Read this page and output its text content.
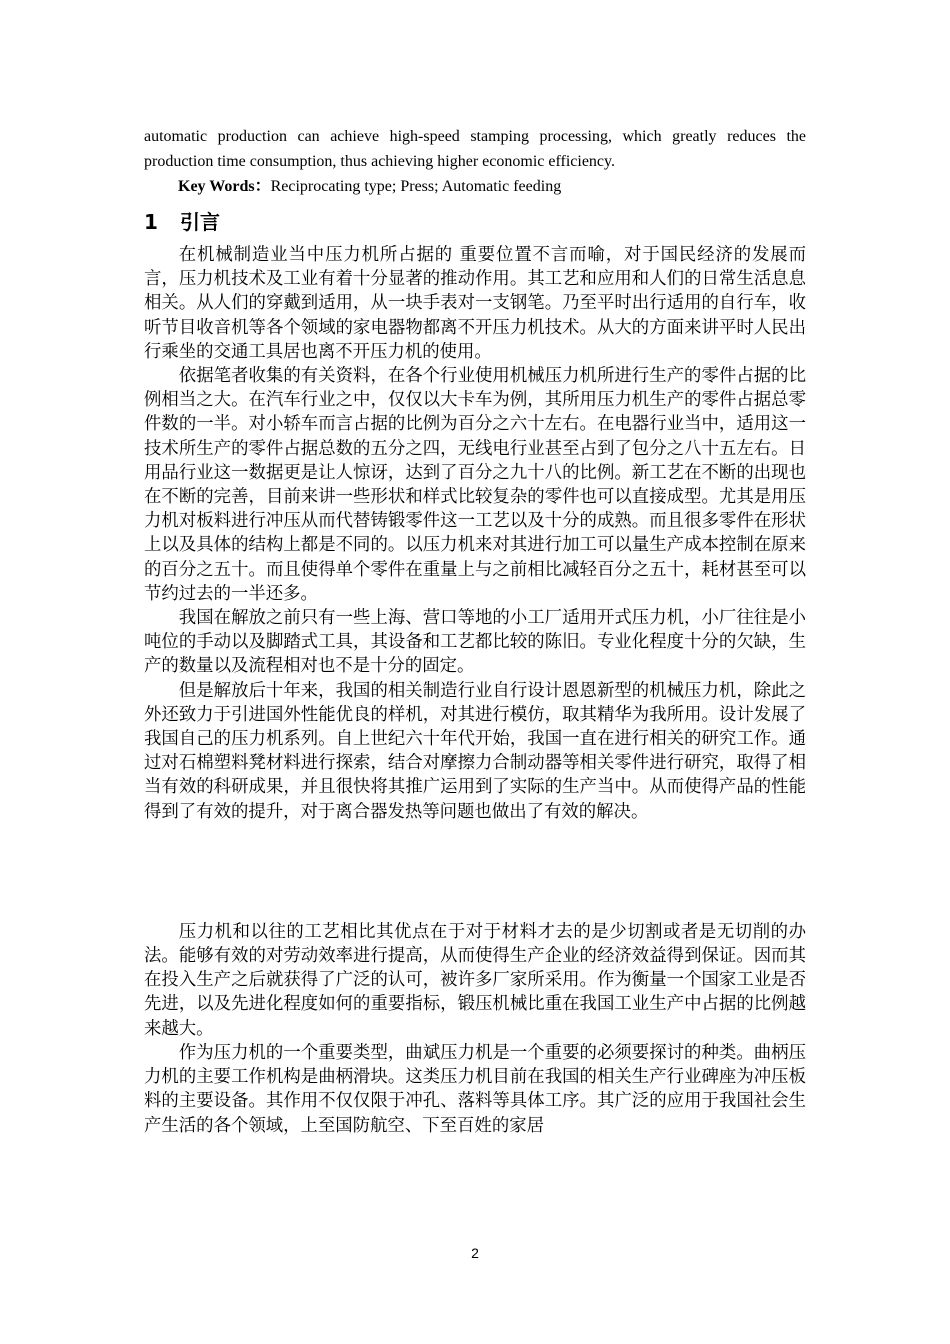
automatic production can achieve high-speed stamping processing, which greatly reduces the production time consumption, thus achieving higher economic efficiency.

Key Words：Reciprocating type; Press; Automatic feeding

1 引言

在机械制造业当中压力机所占据的 重要位置不言而喻，对于国民经济的发展而言，压力机技术及工业有着十分显著的推动作用。其工艺和应用和人们的日常生活息息相关。从人们的穿戴到适用，从一块手表对一支钢笔。乃至平时出行适用的自行车，收听节目收音机等各个领域的家电器物都离不开压力机技术。从大的方面来讲平时人民出行乘坐的交通工具居也离不开压力机的使用。

依据笔者收集的有关资料，在各个行业使用机械压力机所进行生产的零件占据的比例相当之大。在汽车行业之中，仅仅以大卡车为例，其所用压力机生产的零件占据总零件数的一半。对小轿车而言占据的比例为百分之六十左右。在电器行业当中，适用这一技术所生产的零件占据总数的五分之四，无线电行业甚至占到了包分之八十五左右。日用品行业这一数据更是让人惊讶，达到了百分之九十八的比例。新工艺在不断的出现也在不断的完善，目前来讲一些形状和样式比较复杂的零件也可以直接成型。尤其是用压力机对板料进行冲压从而代替铸锻零件这一工艺以及十分的成熟。而且很多零件在形状上以及具体的结构上都是不同的。以压力机来对其进行加工可以量生产成本控制在原来的百分之五十。而且使得单个零件在重量上与之前相比减轻百分之五十，耗材甚至可以节约过去的一半还多。

我国在解放之前只有一些上海、营口等地的小工厂适用开式压力机，小厂往往是小吨位的手动以及脚踏式工具，其设备和工艺都比较的陈旧。专业化程度十分的欠缺，生产的数量以及流程相对也不是十分的固定。

但是解放后十年来，我国的相关制造行业自行设计恩恩新型的机械压力机，除此之外还致力于引进国外性能优良的样机，对其进行模仿，取其精华为我所用。设计发展了我国自己的压力机系列。自上世纪六十年代开始，我国一直在进行相关的研究工作。通过对石棉塑料凳材料进行探索，结合对摩擦力合制动器等相关零件进行研究，取得了相当有效的科研成果，并且很快将其推广运用到了实际的生产当中。从而使得产品的性能得到了有效的提升，对于离合器发热等问题也做出了有效的解决。

压力机和以往的工艺相比其优点在于对于材料才去的是少切割或者是无切削的办法。能够有效的对劳动效率进行提高，从而使得生产企业的经济效益得到保证。因而其在投入生产之后就获得了广泛的认可，被许多厂家所采用。作为衡量一个国家工业是否先进，以及先进化程度如何的重要指标，锻压机械比重在我国工业生产中占据的比例越来越大。

作为压力机的一个重要类型，曲斌压力机是一个重要的必须要探讨的种类。曲柄压力机的主要工作机构是曲柄滑块。这类压力机目前在我国的相关生产行业碑座为冲压板料的主要设备。其作用不仅仅限于冲孔、落料等具体工序。其广泛的应用于我国社会生产生活的各个领域，上至国防航空、下至百姓的家居

2
